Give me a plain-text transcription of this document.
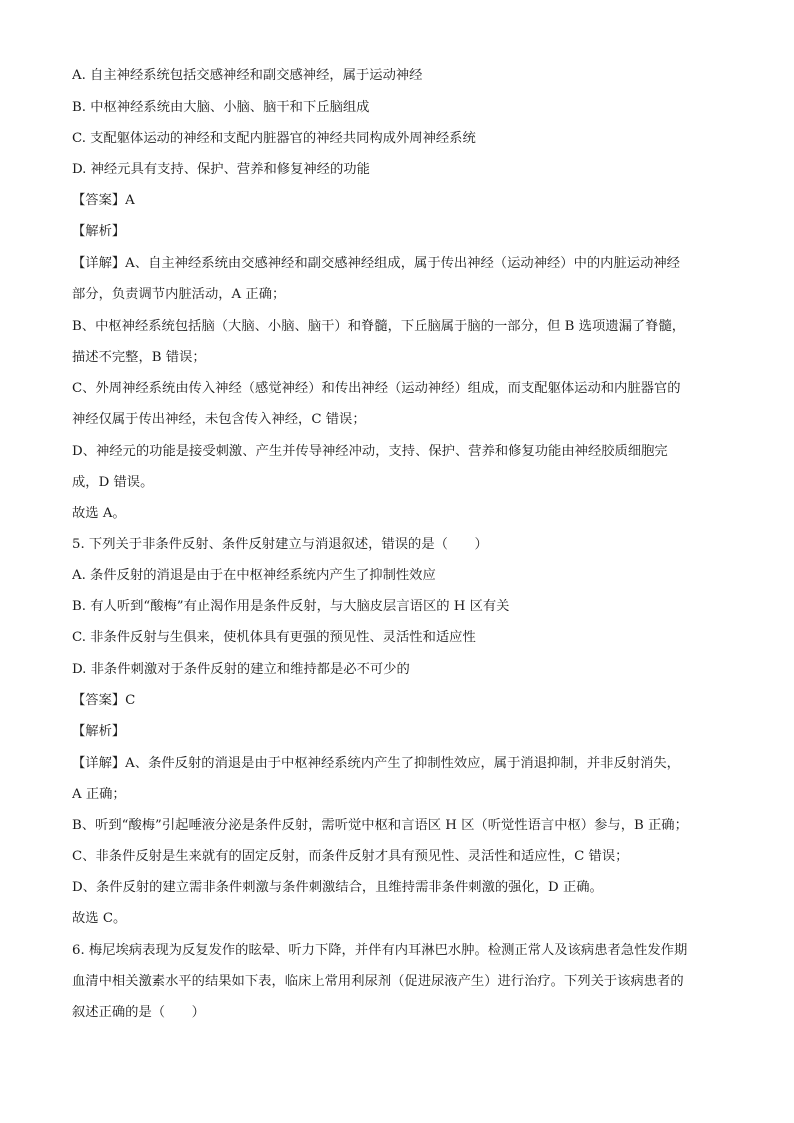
A. 自主神经系统包括交感神经和副交感神经，属于运动神经
B. 中枢神经系统由大脑、小脑、脑干和下丘脑组成
C. 支配躯体运动的神经和支配内脏器官的神经共同构成外周神经系统
D. 神经元具有支持、保护、营养和修复神经的功能
【答案】A
【解析】
【详解】A、自主神经系统由交感神经和副交感神经组成，属于传出神经（运动神经）中的内脏运动神经
部分，负责调节内脏活动，A 正确；
B、中枢神经系统包括脑（大脑、小脑、脑干）和脊髓，下丘脑属于脑的一部分，但 B 选项遗漏了脊髓，
描述不完整，B 错误；
C、外周神经系统由传入神经（感觉神经）和传出神经（运动神经）组成，而支配躯体运动和内脏器官的
神经仅属于传出神经，未包含传入神经，C 错误；
D、神经元的功能是接受刺激、产生并传导神经冲动，支持、保护、营养和修复功能由神经胶质细胞完
成，D 错误。
故选 A。
5. 下列关于非条件反射、条件反射建立与消退叙述，错误的是（　　）
A. 条件反射的消退是由于在中枢神经系统内产生了抑制性效应
B. 有人听到“酸梅”有止渴作用是条件反射，与大脑皮层言语区的 H 区有关
C. 非条件反射与生俱来，使机体具有更强的预见性、灵活性和适应性
D. 非条件刺激对于条件反射的建立和维持都是必不可少的
【答案】C
【解析】
【详解】A、条件反射的消退是由于中枢神经系统内产生了抑制性效应，属于消退抑制，并非反射消失，
A 正确；
B、听到“酸梅”引起唾液分泌是条件反射，需听觉中枢和言语区 H 区（听觉性语言中枢）参与，B 正确；
C、非条件反射是生来就有的固定反射，而条件反射才具有预见性、灵活性和适应性，C 错误；
D、条件反射的建立需非条件刺激与条件刺激结合，且维持需非条件刺激的强化，D 正确。
故选 C。
6. 梅尼埃病表现为反复发作的眩晕、听力下降，并伴有内耳淋巴水肿。检测正常人及该病患者急性发作期
血清中相关激素水平的结果如下表，临床上常用利尿剂（促进尿液产生）进行治疗。下列关于该病患者的
叙述正确的是（　　）
